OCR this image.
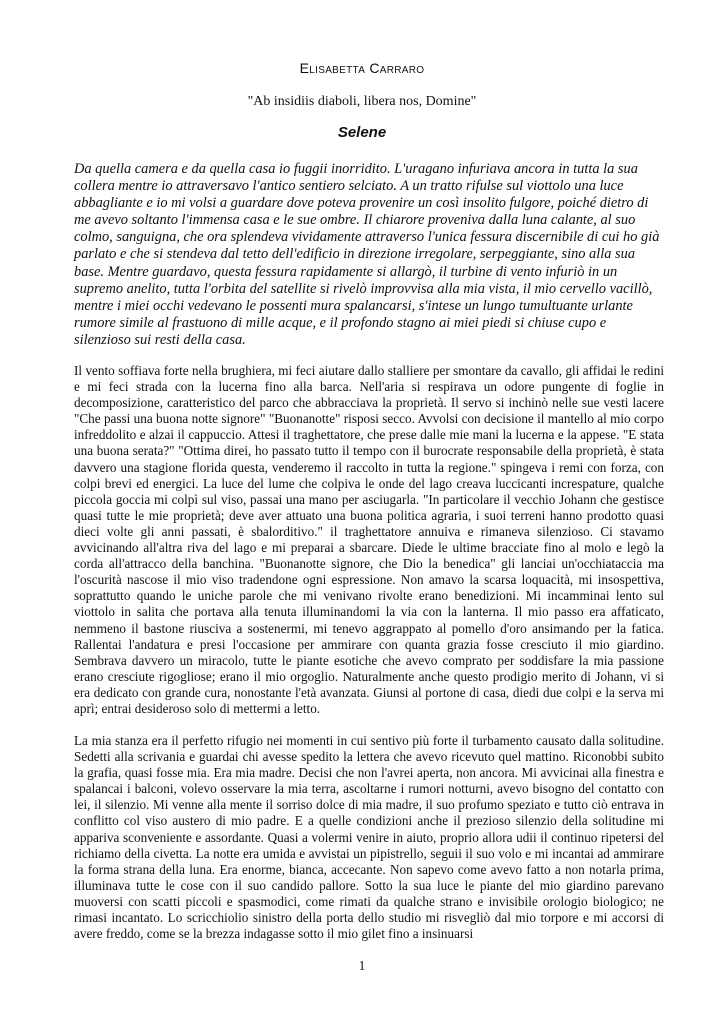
Elisabetta Carraro
"Ab insidiis diaboli, libera nos, Domine"
Selene

Da quella camera e da quella casa io fuggii inorridito. L'uragano infuriava ancora in tutta la sua collera mentre io attraversavo l'antico sentiero selciato. A un tratto rifulse sul viottolo una luce abbagliante e io mi volsi a guardare dove poteva provenire un così insolito fulgore, poiché dietro di me avevo soltanto l'immensa casa e le sue ombre. Il chiarore proveniva dalla luna calante, al suo colmo, sanguigna, che ora splendeva vividamente attraverso l'unica fessura discernibile di cui ho già parlato e che si stendeva dal tetto dell'edificio in direzione irregolare, serpeggiante, sino alla sua base. Mentre guardavo, questa fessura rapidamente si allargò, il turbine di vento infuriò in un supremo anelito, tutta l'orbita del satellite si rivelò improvvisa alla mia vista, il mio cervello vacillò, mentre i miei occhi vedevano le possenti mura spalancarsi, s'intese un lungo tumultuante urlante rumore simile al frastuono di mille acque, e il profondo stagno ai miei piedi si chiuse cupo e silenzioso sui resti della casa.

Il vento soffiava forte nella brughiera, mi feci aiutare dallo stalliere per smontare da cavallo, gli affidai le redini e mi feci strada con la lucerna fino alla barca. Nell'aria si respirava un odore pungente di foglie in decomposizione, caratteristico del parco che abbracciava la proprietà. Il servo si inchinò nelle sue vesti lacere "Che passi una buona notte signore" "Buonanotte" risposi secco. Avvolsi con decisione il mantello al mio corpo infreddolito e alzai il cappuccio. Attesi il traghettatore, che prese dalle mie mani la lucerna e la appese. "E stata una buona serata?" "Ottima direi, ho passato tutto il tempo con il burocrate responsabile della proprietà, è stata davvero una stagione florida questa, venderemo il raccolto in tutta la regione." spingeva i remi con forza, con colpi brevi ed energici. La luce del lume che colpiva le onde del lago creava luccicanti increspature, qualche piccola goccia mi colpì sul viso, passai una mano per asciugarla. "In particolare il vecchio Johann che gestisce quasi tutte le mie proprietà; deve aver attuato una buona politica agraria, i suoi terreni hanno prodotto quasi dieci volte gli anni passati, è sbalorditivo." il traghettatore annuiva e rimaneva silenzioso. Ci stavamo avvicinando all'altra riva del lago e mi preparai a sbarcare. Diede le ultime bracciate fino al molo e legò la corda all'attracco della banchina. "Buonanotte signore, che Dio la benedica" gli lanciai un'occhiataccia ma l'oscurità nascose il mio viso tradendone ogni espressione. Non amavo la scarsa loquacità, mi insospettiva, soprattutto quando le uniche parole che mi venivano rivolte erano benedizioni. Mi incamminai lento sul viottolo in salita che portava alla tenuta illuminandomi la via con la lanterna. Il mio passo era affaticato, nemmeno il bastone riusciva a sostenermi, mi tenevo aggrappato al pomello d'oro ansimando per la fatica. Rallentai l'andatura e presi l'occasione per ammirare con quanta grazia fosse cresciuto il mio giardino. Sembrava davvero un miracolo, tutte le piante esotiche che avevo comprato per soddisfare la mia passione erano cresciute rigogliose; erano il mio orgoglio. Naturalmente anche questo prodigio merito di Johann, vi si era dedicato con grande cura, nonostante l'età avanzata. Giunsi al portone di casa, diedi due colpi e la serva mi aprì; entrai desideroso solo di mettermi a letto.

La mia stanza era il perfetto rifugio nei momenti in cui sentivo più forte il turbamento causato dalla solitudine. Sedetti alla scrivania e guardai chi avesse spedito la lettera che avevo ricevuto quel mattino. Riconobbi subito la grafia, quasi fosse mia. Era mia madre. Decisi che non l'avrei aperta, non ancora. Mi avvicinai alla finestra e spalancai i balconi, volevo osservare la mia terra, ascoltarne i rumori notturni, avevo bisogno del contatto con lei, il silenzio. Mi venne alla mente il sorriso dolce di mia madre, il suo profumo speziato e tutto ciò entrava in conflitto col viso austero di mio padre. E a quelle condizioni anche il prezioso silenzio della solitudine mi appariva sconveniente e assordante. Quasi a volermi venire in aiuto, proprio allora udii il continuo ripetersi del richiamo della civetta. La notte era umida e avvistai un pipistrello, seguii il suo volo e mi incantai ad ammirare la forma strana della luna. Era enorme, bianca, accecante. Non sapevo come avevo fatto a non notarla prima, illuminava tutte le cose con il suo candido pallore. Sotto la sua luce le piante del mio giardino parevano muoversi con scatti piccoli e spasmodici, come rimati da qualche strano e invisibile orologio biologico; ne rimasi incantato. Lo scricchiolio sinistro della porta dello studio mi risvegliò dal mio torpore e mi accorsi di avere freddo, come se la brezza indagasse sotto il mio gilet fino a insinuarsi

1
